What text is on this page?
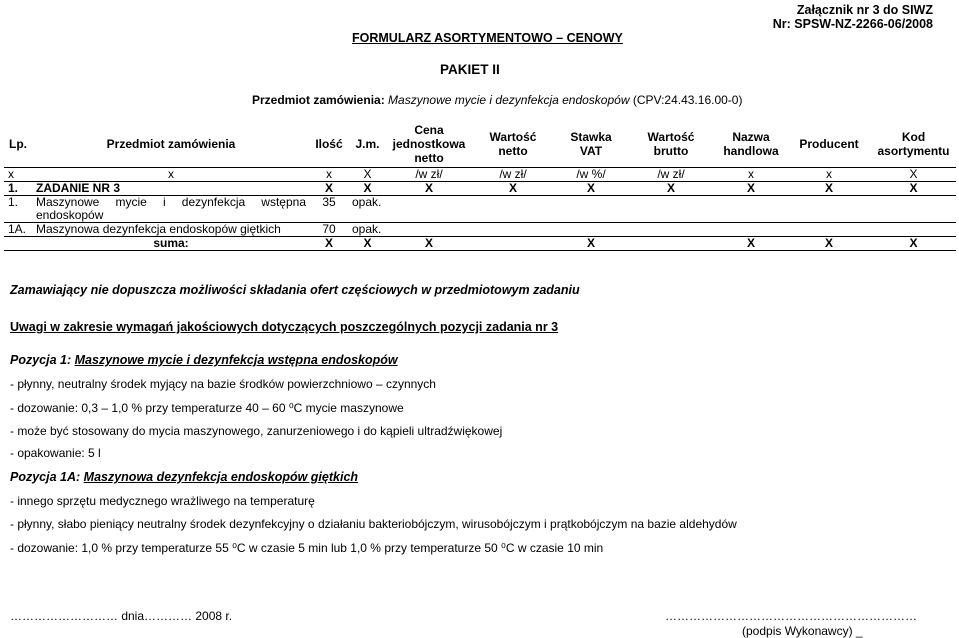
Załącznik nr 3 do SIWZ
Nr: SPSW-NZ-2266-06/2008
FORMULARZ ASORTYMENTOWO – CENOWY
PAKIET II
Przedmiot zamówienia: Maszynowe mycie i dezynfekcja endoskopów (CPV:24.43.16.00-0)
Lp.	Przedmiot zamówienia	Ilość	J.m.	Cena jednostkowa netto	Wartość netto	Stawka VAT	Wartość brutto	Nazwa handlowa	Producent	Kod asortymentu
x	x	x	X	/w zł/	/w zł/	/w %/	/w zł/	x	x	X
1.	ZADANIE NR 3	X	X	X	X	X	X	X	X	X
1.	Maszynowe mycie i dezynfekcja wstępna endoskopów	35	opak.							
1A.	Maszynowa dezynfekcja endoskopów giętkich	70	opak.							
	suma:	X	X	X		X		X	X	X
Zamawiający nie dopuszcza możliwości składania ofert częściowych w przedmiotowym zadaniu
Uwagi w zakresie wymagań jakościowych dotyczących poszczególnych pozycji zadania nr 3
Pozycja 1: Maszynowe mycie i dezynfekcja wstępna endoskopów
- płynny, neutralny środek myjący na bazie środków powierzchniowo – czynnych
- dozowanie: 0,3 – 1,0 % przy temperaturze 40 – 60 ⁰C mycie maszynowe
- może być stosowany do mycia maszynowego, zanurzeniowego i do kąpieli ultradźwiękowej
- opakowanie: 5 l
Pozycja 1A: Maszynowa dezynfekcja endoskopów giętkich
- innego sprzętu medycznego wrażliwego na temperaturę
- płynny, słabo pieniący neutralny środek dezynfekcyjny o działaniu bakteriobójczym, wirusobójczym i prątkobójczym na bazie aldehydów
- dozowanie: 1,0 % przy temperaturze 55 ⁰C w czasie 5 min lub 1,0 % przy temperaturze 50 ⁰C w czasie 10 min
……………………… dnia………… 2008 r.	………………………………………………………
(podpis Wykonawcy) _
